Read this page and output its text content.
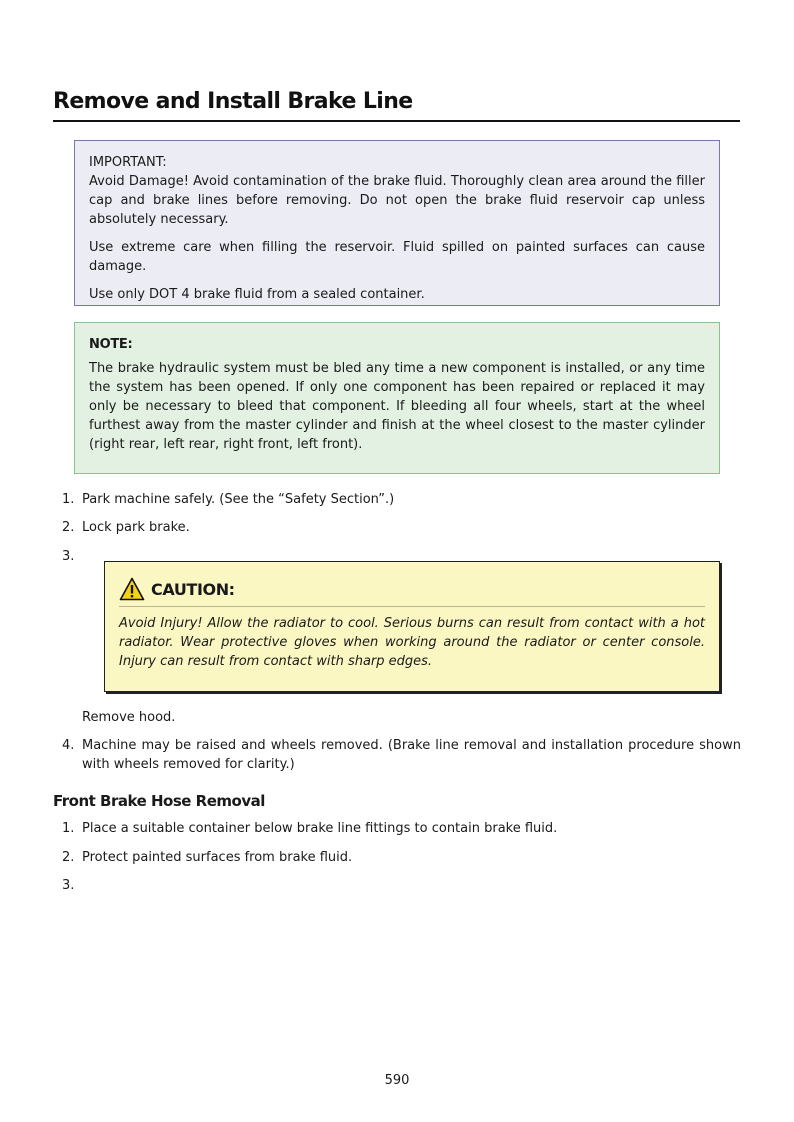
Remove and Install Brake Line

IMPORTANT:

Avoid Damage! Avoid contamination of the brake fluid. Thoroughly clean area around the filler cap and brake lines before removing. Do not open the brake fluid reservoir cap unless absolutely necessary.

Use extreme care when filling the reservoir. Fluid spilled on painted surfaces can cause damage.

Use only DOT 4 brake fluid from a sealed container.

NOTE:

The brake hydraulic system must be bled any time a new component is installed, or any time the system has been opened. If only one component has been repaired or replaced it may only be necessary to bleed that component. If bleeding all four wheels, start at the wheel furthest away from the master cylinder and finish at the wheel closest to the master cylinder (right rear, left rear, right front, left front).

1. Park machine safely. (See the “Safety Section”.)
2. Lock park brake.
3.
CAUTION:

Avoid Injury! Allow the radiator to cool. Serious burns can result from contact with a hot radiator. Wear protective gloves when working around the radiator or center console. Injury can result from contact with sharp edges.

Remove hood.
4. Machine may be raised and wheels removed. (Brake line removal and installation procedure shown with wheels removed for clarity.)
Front Brake Hose Removal
1. Place a suitable container below brake line fittings to contain brake fluid.
2. Protect painted surfaces from brake fluid.
3.
590
